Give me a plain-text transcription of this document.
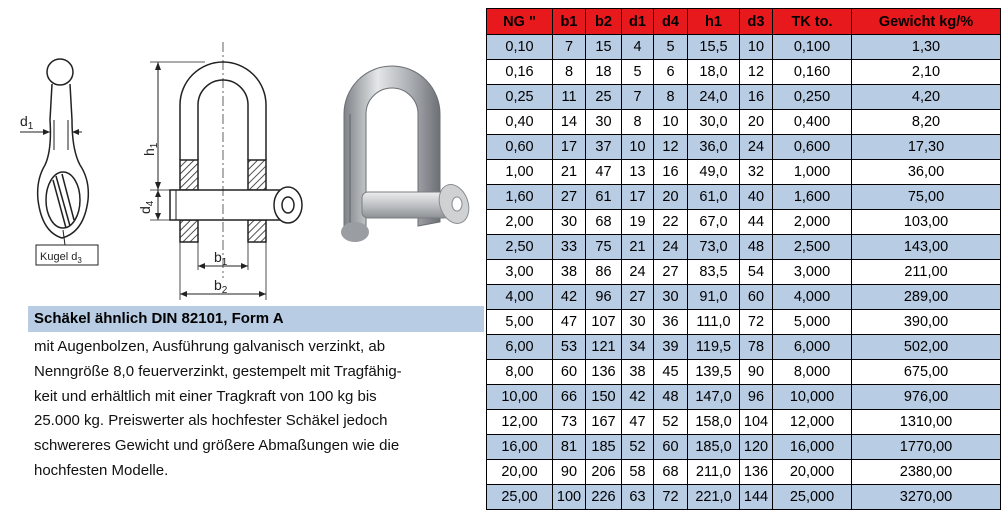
$d_1$
Kugel $d_3$
$h_1$
$d_4$
$b_1$
$b_2$
Schäkel ähnlich DIN 82101, Form A
mit Augenbolzen, Ausführung galvanisch verzinkt, ab
Nenngröße 8,0 feuerverzinkt, gestempelt mit Tragfähig-
keit und erhältlich mit einer Tragkraft von 100 kg bis
25.000 kg. Preiswerter als hochfester Schäkel jedoch
schwereres Gewicht und größere Abmaßungen wie die
hochfesten Modelle.
NG "	b1	b2	d1	d4	h1	d3	TK to.	Gewicht kg/%
0,10	7	15	4	5	15,5	10	0,100	1,30
0,16	8	18	5	6	18,0	12	0,160	2,10
0,25	11	25	7	8	24,0	16	0,250	4,20
0,40	14	30	8	10	30,0	20	0,400	8,20
0,60	17	37	10	12	36,0	24	0,600	17,30
1,00	21	47	13	16	49,0	32	1,000	36,00
1,60	27	61	17	20	61,0	40	1,600	75,00
2,00	30	68	19	22	67,0	44	2,000	103,00
2,50	33	75	21	24	73,0	48	2,500	143,00
3,00	38	86	24	27	83,5	54	3,000	211,00
4,00	42	96	27	30	91,0	60	4,000	289,00
5,00	47	107	30	36	111,0	72	5,000	390,00
6,00	53	121	34	39	119,5	78	6,000	502,00
8,00	60	136	38	45	139,5	90	8,000	675,00
10,00	66	150	42	48	147,0	96	10,000	976,00
12,00	73	167	47	52	158,0	104	12,000	1310,00
16,00	81	185	52	60	185,0	120	16,000	1770,00
20,00	90	206	58	68	211,0	136	20,000	2380,00
25,00	100	226	63	72	221,0	144	25,000	3270,00
